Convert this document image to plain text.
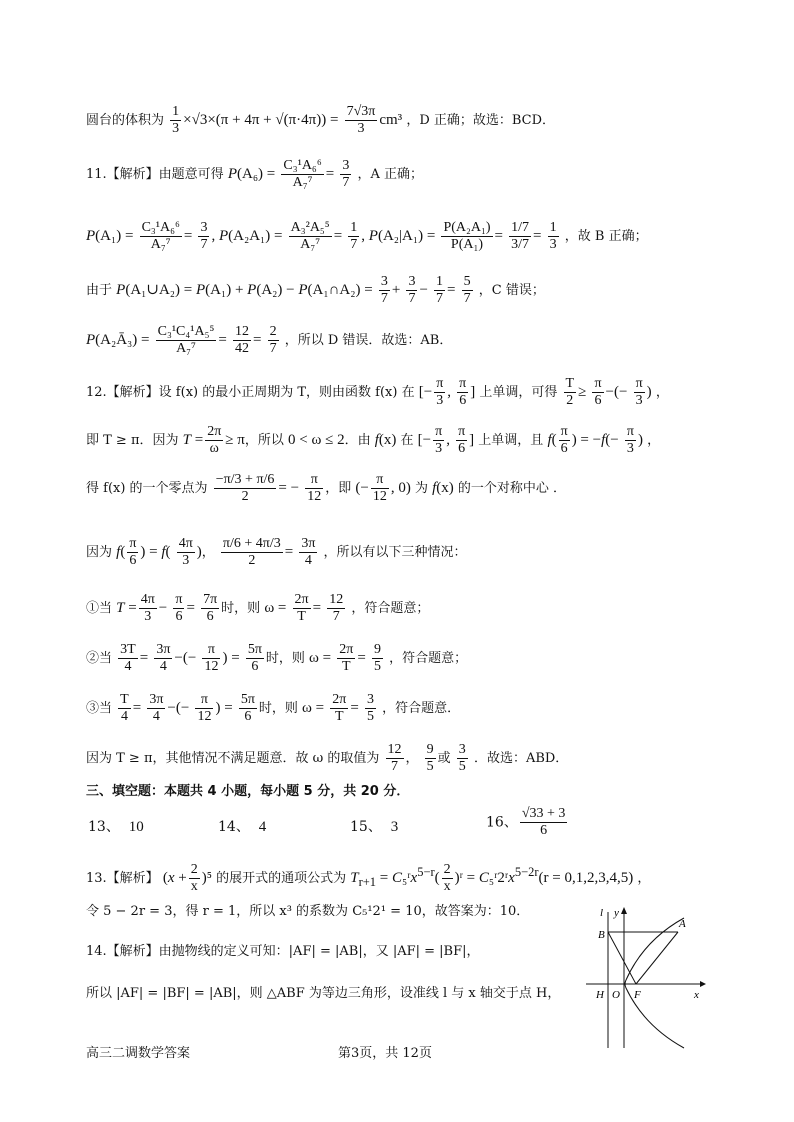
圆台的体积为 $\frac{1}{3} \times√3\times(\pi + 4\pi + √(\pi\cdot 4\pi)) = \frac{7√3\pi}{3} cm^3$ ，D 正确；故选：BCD．
11.【解析】由题意可得 $P(A_6) = \frac{\text{C₃¹A₆⁶}}{\text{A₇⁷}} = \frac{3}{7}$ ，A 正确；
$P(A_1) = \frac{\text{C₃¹A₆⁶}}{\text{A₇⁷}} = \frac{3}{7}$ , $P(A_2A_1) = \frac{\text{A₃²A₅⁵}}{\text{A₇⁷}} = \frac{1}{7}$ , $P(A_2|A_1) = \frac{\text{P(A₂A₁)}}{\text{P(A₁)}} = \frac{1/7}{3/7} = \frac{1}{3}$ ，故 B 正确；
由于 P(A₁∪A₂) = P(A₁) + P(A₂) − P(A₁∩A₂) = $\frac{3}{7} + \frac{3}{7} - \frac{1}{7} = \frac{5}{7}$ ，C 错误；
P(A₂Ā₃) = $\frac{\text{C₃¹C₄¹A₅⁵}}{\text{A₇⁷}} = \frac{12}{42} = \frac{2}{7}$ ，所以 D 错误．故选：AB．
12.【解析】设 f(x) 的最小正周期为 T，则由函数 f(x) 在 [− $\frac{\pi}{3}$ , $\frac{\pi}{6}$ ] 上单调，可得 $\frac{T}{2} \ge \frac{\pi}{6}$ −(− $\frac{\pi}{3}$ ) ，
即 T ≥ π．因为 $T = \frac{2\pi}{\omega} \ge \pi$，所以 0 < ω ≤ 2．由 f(x) 在 [− $\frac{\pi}{3}$ , $\frac{\pi}{6}$ ] 上单调，且 $f( \frac{\pi}{6}$ ) = $-f(- \frac{\pi}{3}$ ) ，
得 f(x) 的一个零点为 $\frac{-\pi/3 + \pi/6}{2}$ = − $\frac{\pi}{12}$ ，即 (− $\frac{\pi}{12}$ , 0) 为 f(x) 的一个对称中心 ．
因为 $f( \frac{\pi}{6}$ ) = $f( \frac{4\pi}{3}$ )， $\frac{\pi/6 + 4\pi/3}{2} = \frac{3\pi}{4}$ ，所以有以下三种情况：
①当 $T = \frac{4\pi}{3} - \frac{\pi}{6} = \frac{7\pi}{6}$ 时，则 $\omega = \frac{2\pi}{T} = \frac{12}{7}$ ，符合题意；
②当 $\frac{3T}{4} = \frac{3\pi}{4}$ −(− $\frac{\pi}{12}$ ) = $\frac{5\pi}{6}$ 时，则 $\omega = \frac{2\pi}{T} = \frac{9}{5}$ ，符合题意；
③当 $\frac{T}{4} = \frac{3\pi}{4}$ −(− $\frac{\pi}{12}$ ) = $\frac{5\pi}{6}$ 时，则 $\omega = \frac{2\pi}{T} = \frac{3}{5}$ ，符合题意．
因为 T ≥ π，其他情况不满足题意．故 ω 的取值为 $\frac{12}{7}$ ， $\frac{9}{5}$ 或 $\frac{3}{5}$ ．故选：ABD．
三、填空题：本题共 4 小题，每小题 5 分，共 20 分．
13、 10	14、 4	15、 3	16、 $\frac{√33 + 3}{6}$
13.【解析】 $(x + \frac{2}{x} )^5$ 的展开式的通项公式为 $T_{r+1}$ = C₅ʳx$^{5-r}$( $\frac{2}{x}$ )ʳ = C₅ʳ2ʳx$^{5-2r}$(r = 0,1,2,3,4,5) ，
令 5 − 2r = 3，得 r = 1，所以 x³ 的系数为 C₅¹2¹ = 10，故答案为：10．
14.【解析】由抛物线的定义可知：|AF| = |AB|，又 |AF| = |BF|，
所以 |AF| = |BF| = |AB|，则 △ABF 为等边三角形，设准线 l 与 x 轴交于点 H，
l y
A
B
H O F	x
高三二调数学答案	第3页，共 12页
